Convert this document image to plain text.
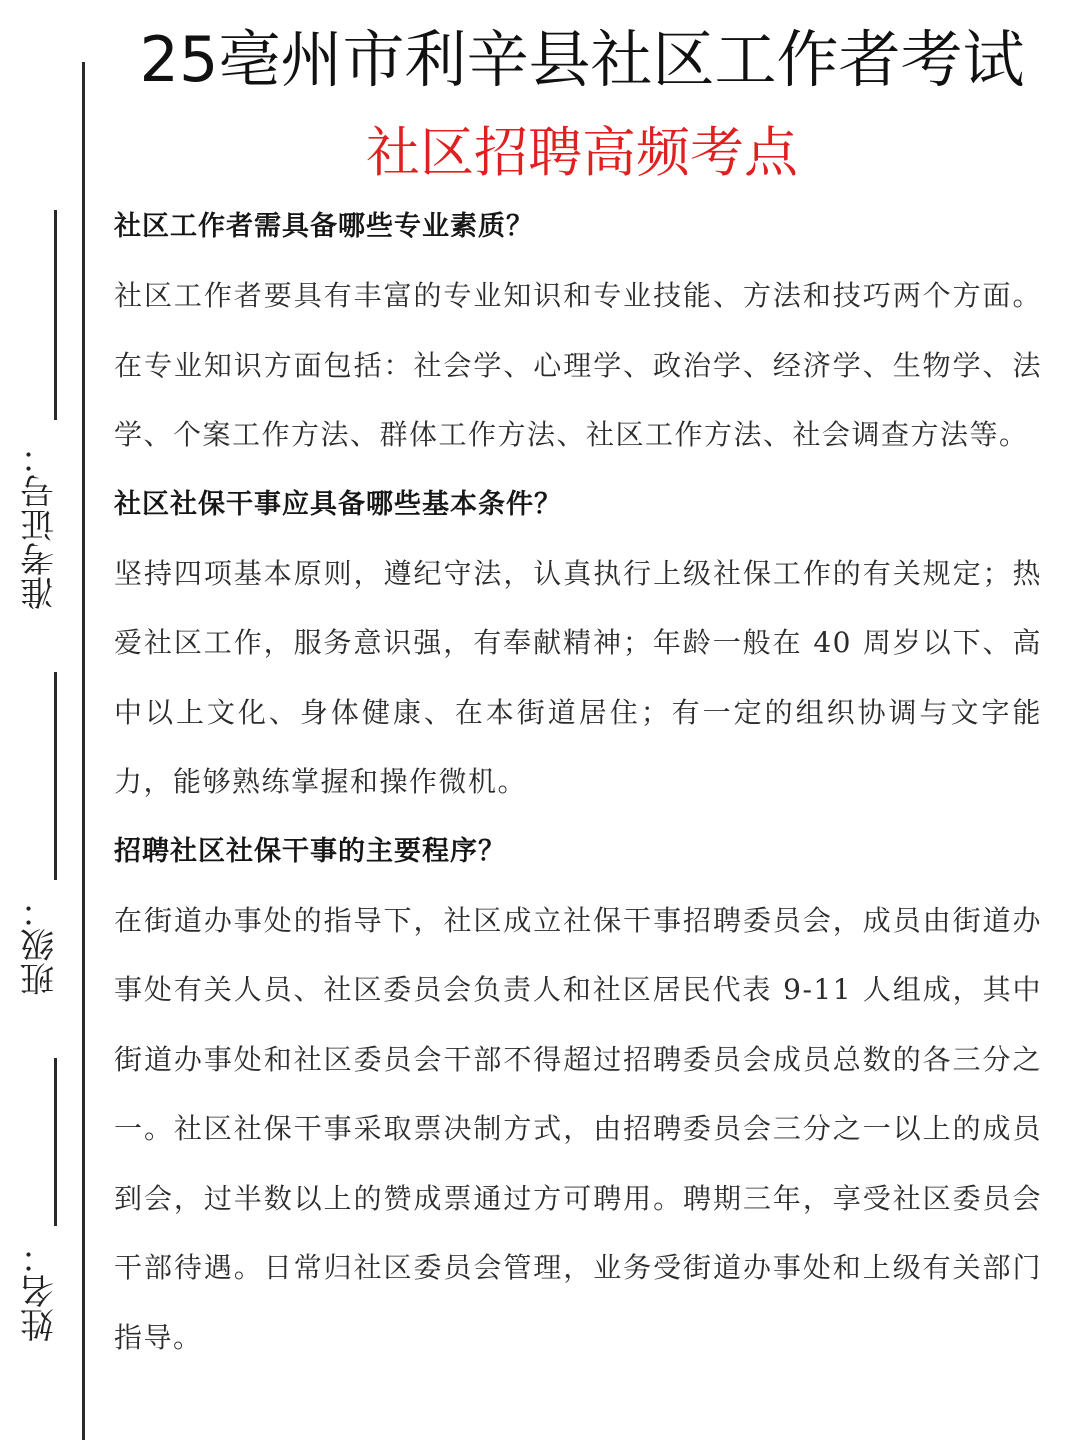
25亳州市利辛县社区工作者考试
社区招聘高频考点
准考证号：
班级：
姓名：
社区工作者需具备哪些专业素质？
社区工作者要具有丰富的专业知识和专业技能、方法和技巧两个方面。在专业知识方面包括：社会学、心理学、政治学、经济学、生物学、法学、个案工作方法、群体工作方法、社区工作方法、社会调查方法等。
社区社保干事应具备哪些基本条件？
坚持四项基本原则，遵纪守法，认真执行上级社保工作的有关规定；热爱社区工作，服务意识强，有奉献精神；年龄一般在 40 周岁以下、高中以上文化、身体健康、在本街道居住；有一定的组织协调与文字能力，能够熟练掌握和操作微机。
招聘社区社保干事的主要程序？
在街道办事处的指导下，社区成立社保干事招聘委员会，成员由街道办事处有关人员、社区委员会负责人和社区居民代表 9-11 人组成，其中街道办事处和社区委员会干部不得超过招聘委员会成员总数的各三分之一。社区社保干事采取票决制方式，由招聘委员会三分之一以上的成员到会，过半数以上的赞成票通过方可聘用。聘期三年，享受社区委员会干部待遇。日常归社区委员会管理，业务受街道办事处和上级有关部门指导。
